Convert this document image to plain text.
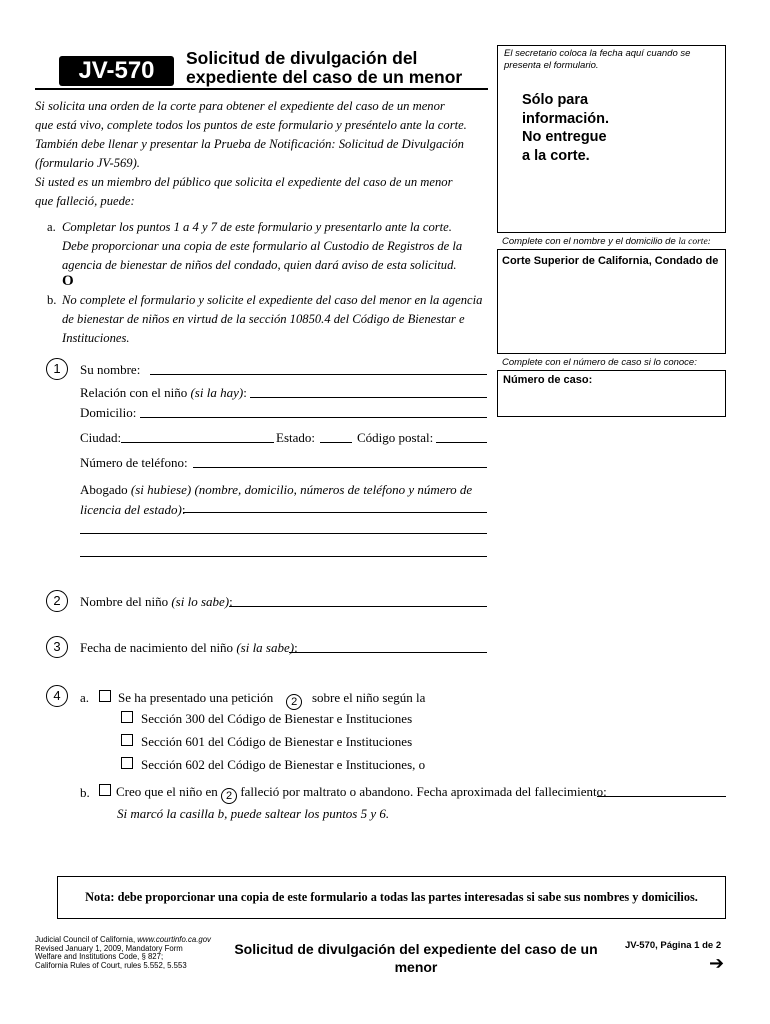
JV-570	Solicitud de divulgación del
expediente del caso de un menor
El secretario coloca la fecha aquí cuando se
presenta el formulario.
Sólo para
información.
No entregue
a la corte.
Complete con el nombre y el domicilio de la corte:
Corte Superior de California, Condado de
Complete con el número de caso si lo conoce:
Número de caso:
Si solicita una orden de la corte para obtener el expediente del caso de un menor
que está vivo, complete todos los puntos de este formulario y preséntelo ante la corte.
También debe llenar y presentar la Prueba de Notificación: Solicitud de Divulgación
(formulario JV-569).
Si usted es un miembro del público que solicita el expediente del caso de un menor
que falleció, puede:
a. Completar los puntos 1 a 4 y 7 de este formulario y presentarlo ante la corte.
Debe proporcionar una copia de este formulario al Custodio de Registros de la
agencia de bienestar de niños del condado, quien dará aviso de esta solicitud.
O
b. No complete el formulario y solicite el expediente del caso del menor en la agencia
de bienestar de niños en virtud de la sección 10850.4 del Código de Bienestar e
Instituciones.
1	Su nombre:
Relación con el niño (si la hay):
Domicilio:
Ciudad:	Estado:	Código postal:
Número de teléfono:
Abogado (si hubiese) (nombre, domicilio, números de teléfono y número de
licencia del estado):
2	Nombre del niño (si lo sabe):
3	Fecha de nacimiento del niño (si la sabe):
4	a. Se ha presentado una petición 2 sobre el niño según la
Sección 300 del Código de Bienestar e Instituciones
Sección 601 del Código de Bienestar e Instituciones
Sección 602 del Código de Bienestar e Instituciones, o
b. Creo que el niño en 2 falleció por maltrato o abandono. Fecha aproximada del fallecimiento:
Si marcó la casilla b, puede saltear los puntos 5 y 6.
Nota: debe proporcionar una copia de este formulario a todas las partes interesadas si sabe sus nombres y domicilios.
Judicial Council of California, www.courtinfo.ca.gov
Revised January 1, 2009, Mandatory Form
Welfare and Institutions Code, § 827;
California Rules of Court, rules 5.552, 5.553
Solicitud de divulgación del expediente del caso de un
menor
JV-570, Página 1 de 2
➔
